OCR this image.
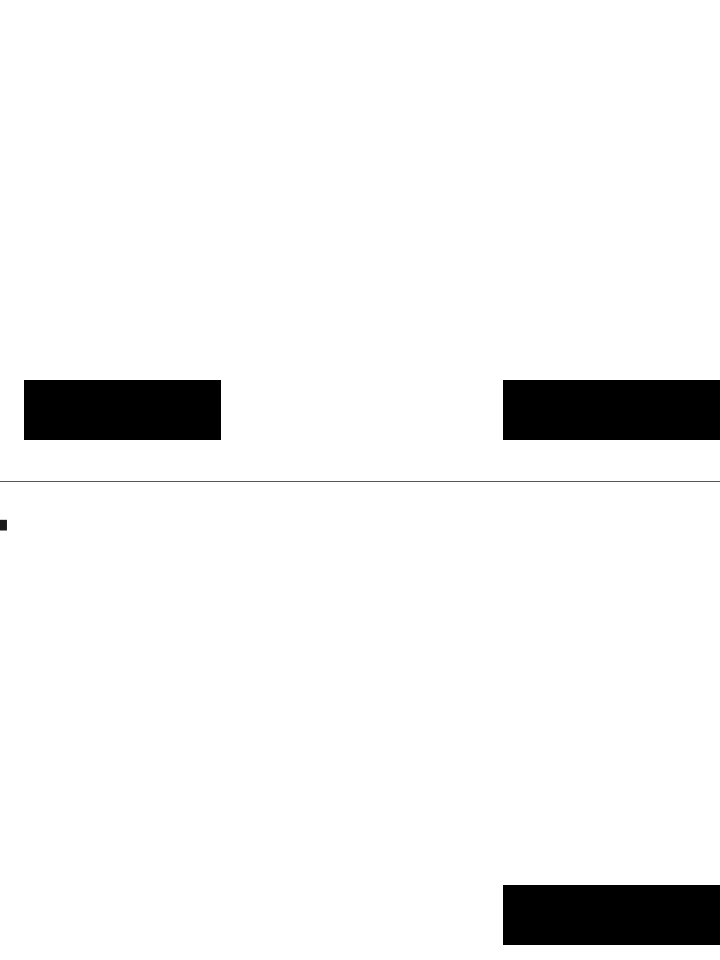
▖
